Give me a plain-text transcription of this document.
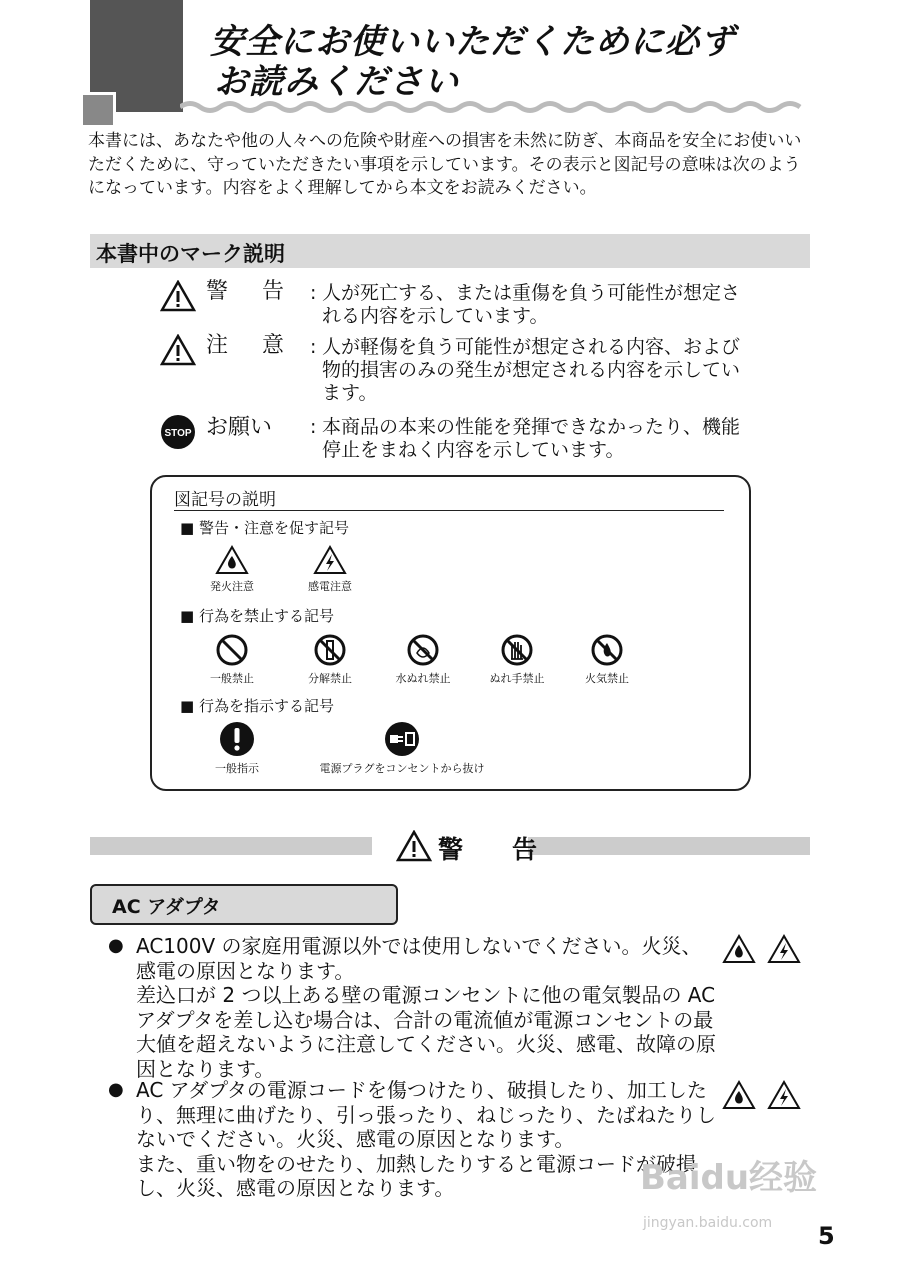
安全にお使いいただくために必ず
お読みください
本書には、あなたや他の人々への危険や財産への損害を未然に防ぎ、本商品を安全にお使いいただくために、守っていただきたい事項を示しています。その表示と図記号の意味は次のようになっています。内容をよく理解してから本文をお読みください。
本書中のマーク説明
警　告 : 人が死亡する、または重傷を負う可能性が想定される内容を示しています。
注　意 : 人が軽傷を負う可能性が想定される内容、および物的損害のみの発生が想定される内容を示しています。
STOP お願い : 本商品の本来の性能を発揮できなかったり、機能停止をまねく内容を示しています。
図記号の説明
■ 警告・注意を促す記号
発火注意	感電注意
■ 行為を禁止する記号
一般禁止	分解禁止	水ぬれ禁止	ぬれ手禁止	火気禁止
■ 行為を指示する記号
一般指示	電源プラグをコンセントから抜け
警　告
AC アダプタ
● AC100V の家庭用電源以外では使用しないでください。火災、感電の原因となります。
差込口が 2 つ以上ある壁の電源コンセントに他の電気製品の AC アダプタを差し込む場合は、合計の電流値が電源コンセントの最大値を超えないように注意してください。火災、感電、故障の原因となります。

● AC アダプタの電源コードを傷つけたり、破損したり、加工したり、無理に曲げたり、引っ張ったり、ねじったり、たばねたりしないでください。火災、感電の原因となります。
また、重い物をのせたり、加熱したりすると電源コードが破損し、火災、感電の原因となります。
	Baidu经验
jingyan.baidu.com 5
